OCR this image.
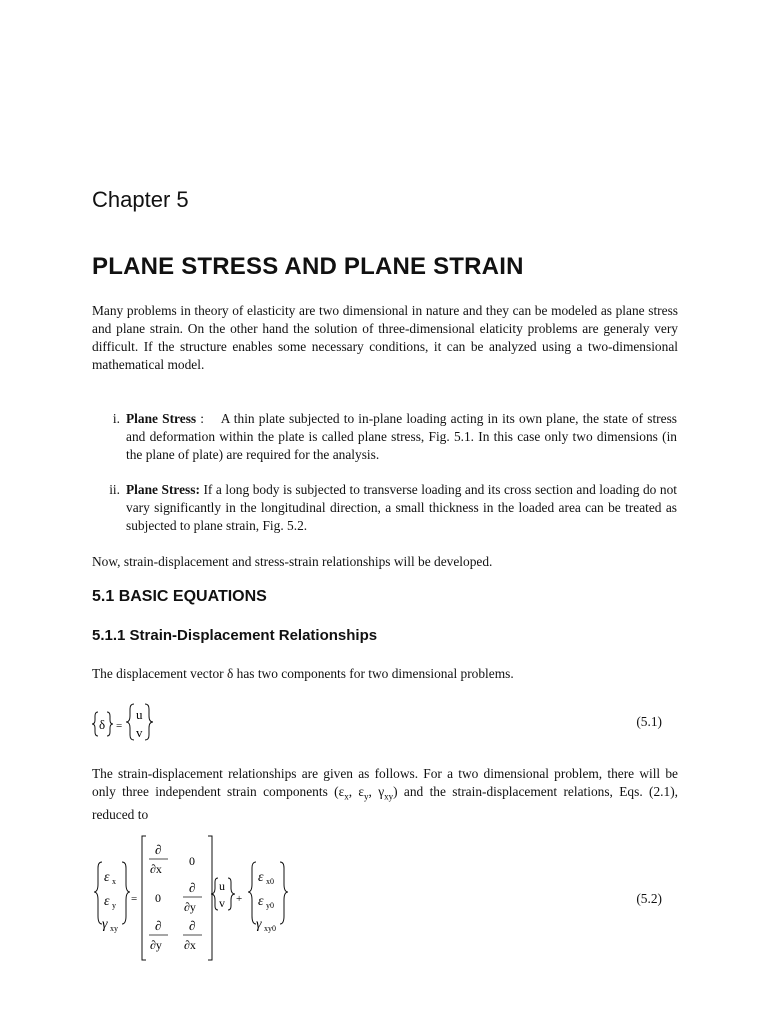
Chapter 5
PLANE STRESS AND PLANE STRAIN
Many problems in theory of elasticity are two dimensional in nature and they can be modeled as plane stress and plane strain. On the other hand the solution of three-dimensional elaticity problems are generaly very difficult. If the structure enables some necessary conditions, it can be analyzed using a two-dimensional mathematical model.
i. Plane Stress : A thin plate subjected to in-plane loading acting in its own plane, the state of stress and deformation within the plate is called plane stress, Fig. 5.1. In this case only two dimensions (in the plane of plate) are required for the analysis.
ii. Plane Stress: If a long body is subjected to transverse loading and its cross section and loading do not vary significantly in the longitudinal direction, a small thickness in the loaded area can be treated as subjected to plane strain, Fig. 5.2.
Now, strain-displacement and stress-strain relationships will be developed.
5.1 BASIC EQUATIONS
5.1.1 Strain-Displacement Relationships
The displacement vector δ has two components for two dimensional problems.
δ =
u
v
(5.1)
The strain-displacement relationships are given as follows. For a two dimensional problem, there will be only three independent strain components ($\varepsilon_x$, $\varepsilon_y$, $\gamma_{xy}$) and the strain-displacement relations, Eqs. (2.1), reduced to
ε x
ε y
γ xy
=
∂
∂x
0
0
∂
∂y
∂
∂y
∂
∂x
u
v +
ε x0
ε y0
γ xy0
(5.2)
